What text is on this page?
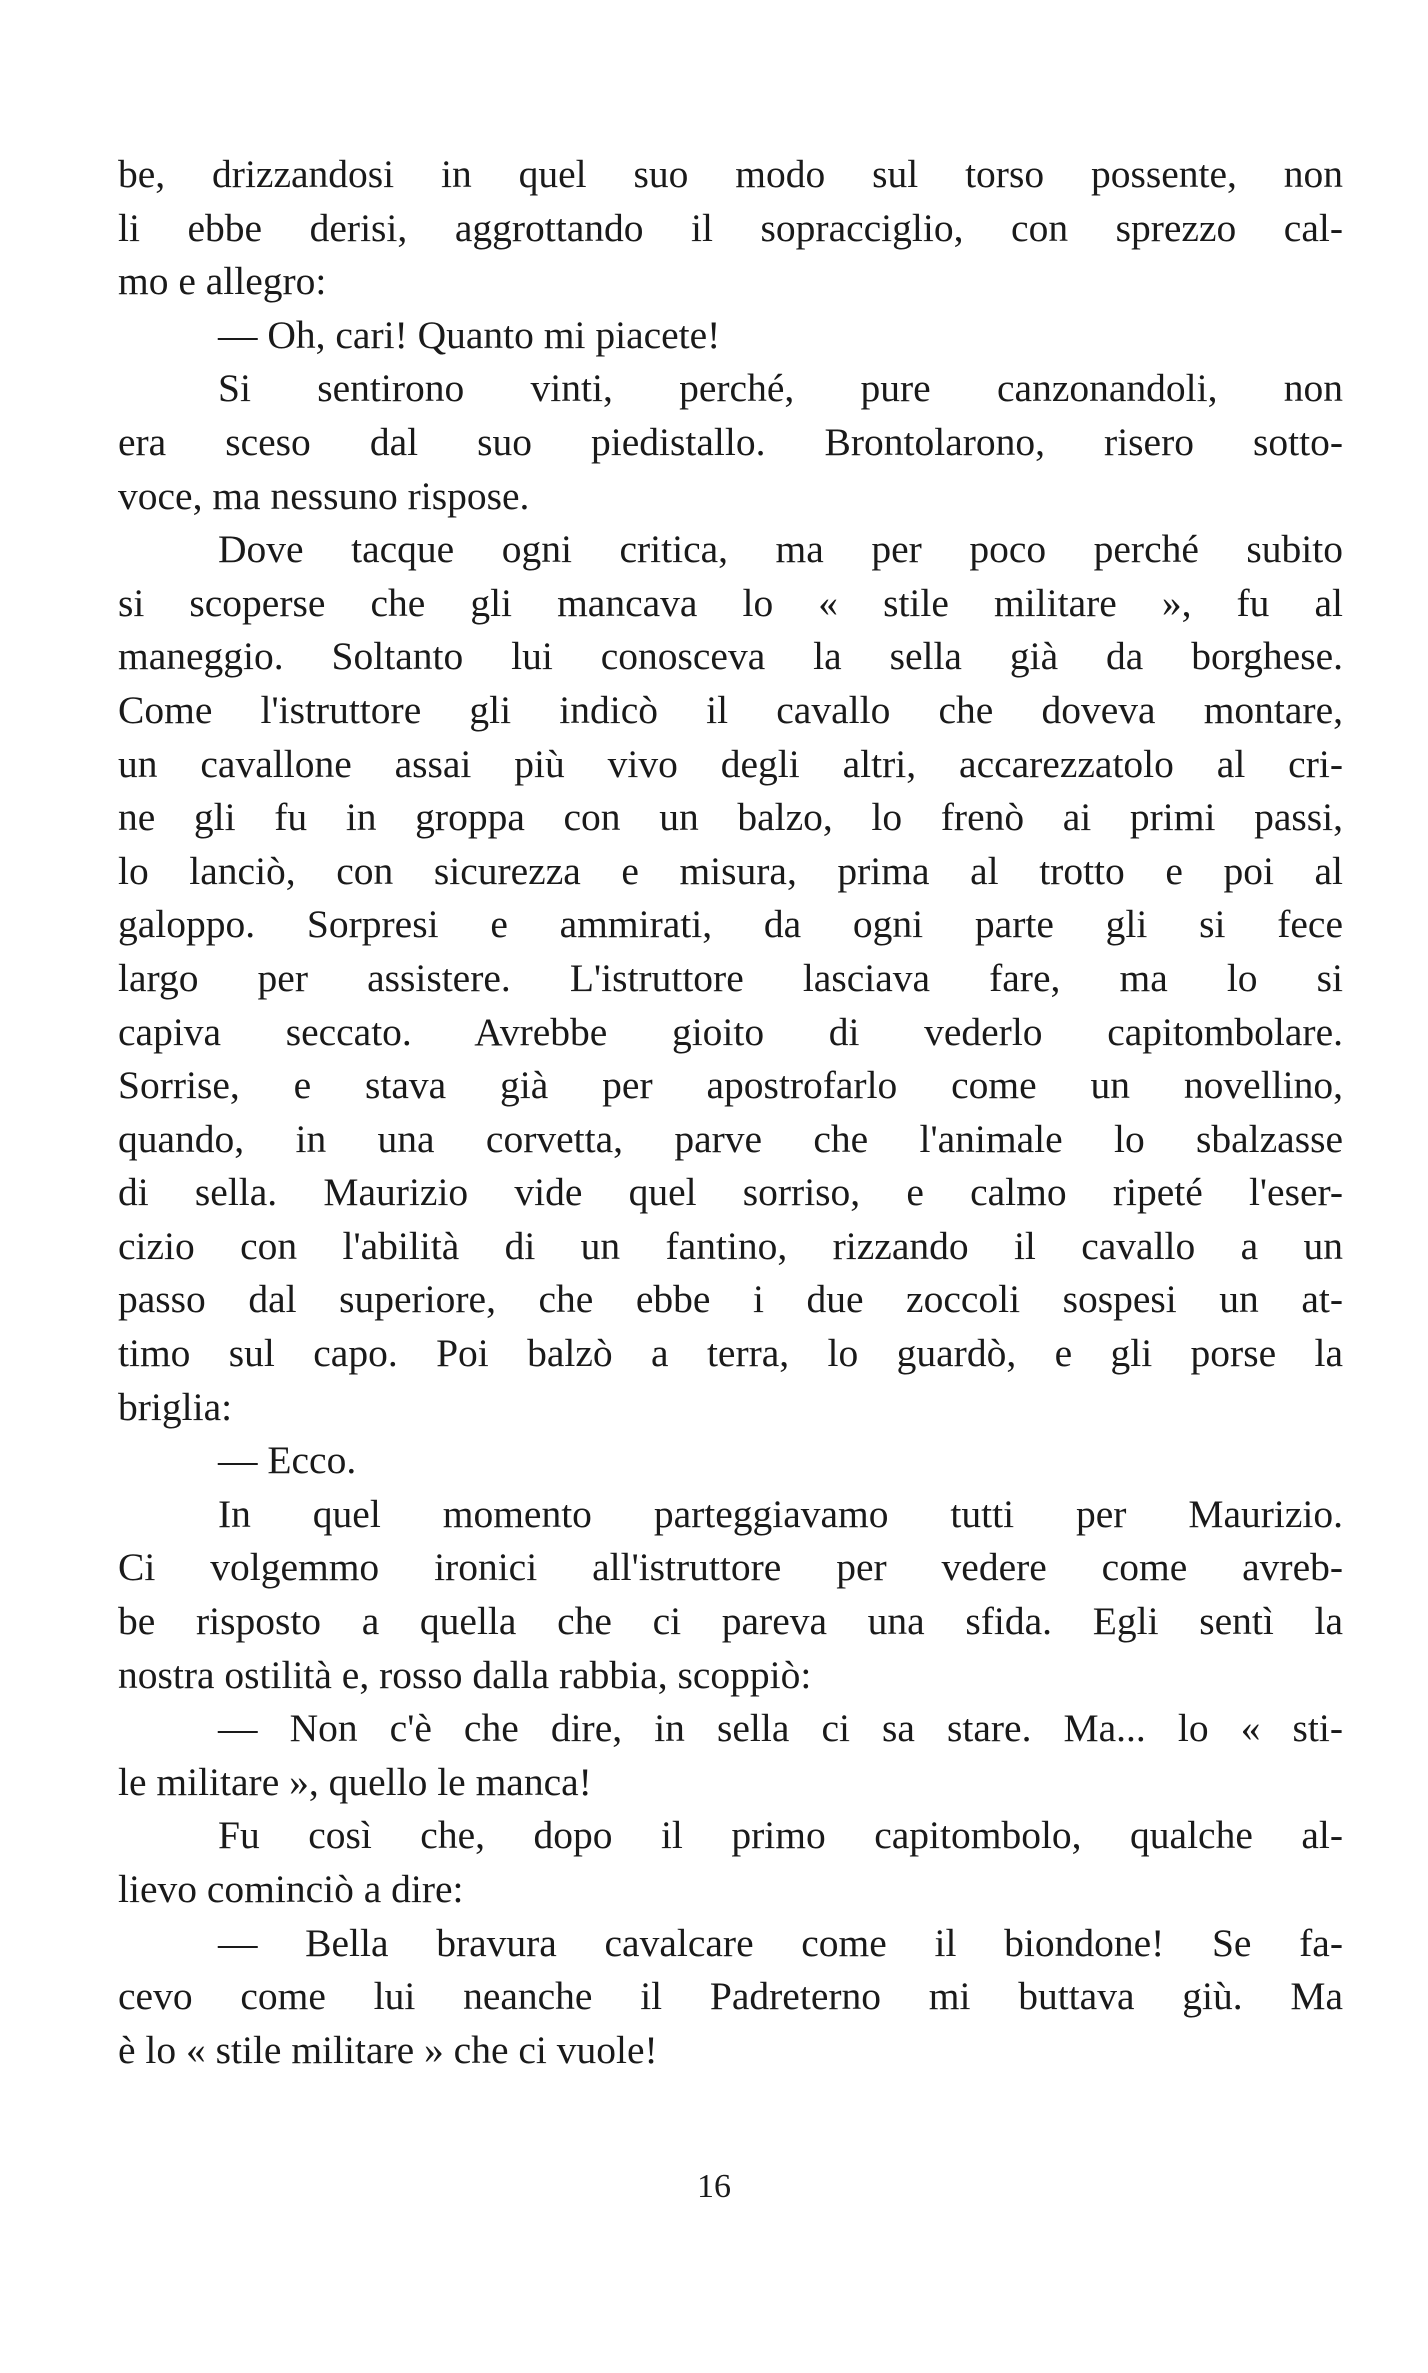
be, drizzandosi in quel suo modo sul torso possente, non
li ebbe derisi, aggrottando il sopracciglio, con sprezzo cal-
mo e allegro:
— Oh, cari! Quanto mi piacete!
Si sentirono vinti, perché, pure canzonandoli, non
era sceso dal suo piedistallo. Brontolarono, risero sotto-
voce, ma nessuno rispose.
Dove tacque ogni critica, ma per poco perché subito
si scoperse che gli mancava lo « stile militare », fu al
maneggio. Soltanto lui conosceva la sella già da borghese.
Come l'istruttore gli indicò il cavallo che doveva montare,
un cavallone assai più vivo degli altri, accarezzatolo al cri-
ne gli fu in groppa con un balzo, lo frenò ai primi passi,
lo lanciò, con sicurezza e misura, prima al trotto e poi al
galoppo. Sorpresi e ammirati, da ogni parte gli si fece
largo per assistere. L'istruttore lasciava fare, ma lo si
capiva seccato. Avrebbe gioito di vederlo capitombolare.
Sorrise, e stava già per apostrofarlo come un novellino,
quando, in una corvetta, parve che l'animale lo sbalzasse
di sella. Maurizio vide quel sorriso, e calmo ripeté l'eser-
cizio con l'abilità di un fantino, rizzando il cavallo a un
passo dal superiore, che ebbe i due zoccoli sospesi un at-
timo sul capo. Poi balzò a terra, lo guardò, e gli porse la
briglia:
— Ecco.
In quel momento parteggiavamo tutti per Maurizio.
Ci volgemmo ironici all'istruttore per vedere come avreb-
be risposto a quella che ci pareva una sfida. Egli sentì la
nostra ostilità e, rosso dalla rabbia, scoppiò:
— Non c'è che dire, in sella ci sa stare. Ma... lo « sti-
le militare », quello le manca!
Fu così che, dopo il primo capitombolo, qualche al-
lievo cominciò a dire:
— Bella bravura cavalcare come il biondone! Se fa-
cevo come lui neanche il Padreterno mi buttava giù. Ma
è lo « stile militare » che ci vuole!
16
